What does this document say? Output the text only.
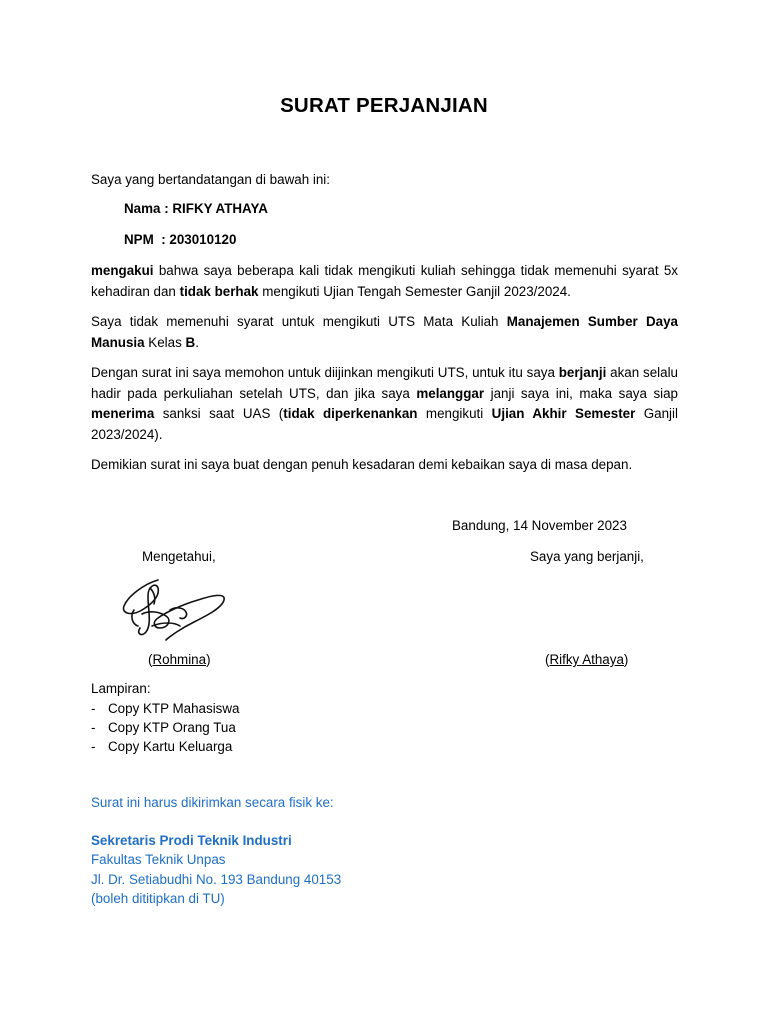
SURAT PERJANJIAN
Saya yang bertandatangan di bawah ini:
Nama : RIFKY ATHAYA
NPM  : 203010120
mengakui bahwa saya beberapa kali tidak mengikuti kuliah sehingga tidak memenuhi syarat 5x kehadiran dan tidak berhak mengikuti Ujian Tengah Semester Ganjil 2023/2024.
Saya tidak memenuhi syarat untuk mengikuti UTS Mata Kuliah Manajemen Sumber Daya Manusia Kelas B.
Dengan surat ini saya memohon untuk diijinkan mengikuti UTS, untuk itu saya berjanji akan selalu hadir pada perkuliahan setelah UTS, dan jika saya melanggar janji saya ini, maka saya siap menerima sanksi saat UAS (tidak diperkenankan mengikuti Ujian Akhir Semester Ganjil 2023/2024).
Demikian surat ini saya buat dengan penuh kesadaran demi kebaikan saya di masa depan.
Bandung, 14 November 2023
Mengetahui,	Saya yang berjanji,
(Rohmina)	(Rifky Athaya)
Lampiran:
- Copy KTP Mahasiswa
- Copy KTP Orang Tua
- Copy Kartu Keluarga
Surat ini harus dikirimkan secara fisik ke:
Sekretaris Prodi Teknik Industri
Fakultas Teknik Unpas
Jl. Dr. Setiabudhi No. 193 Bandung 40153
(boleh dititipkan di TU)
